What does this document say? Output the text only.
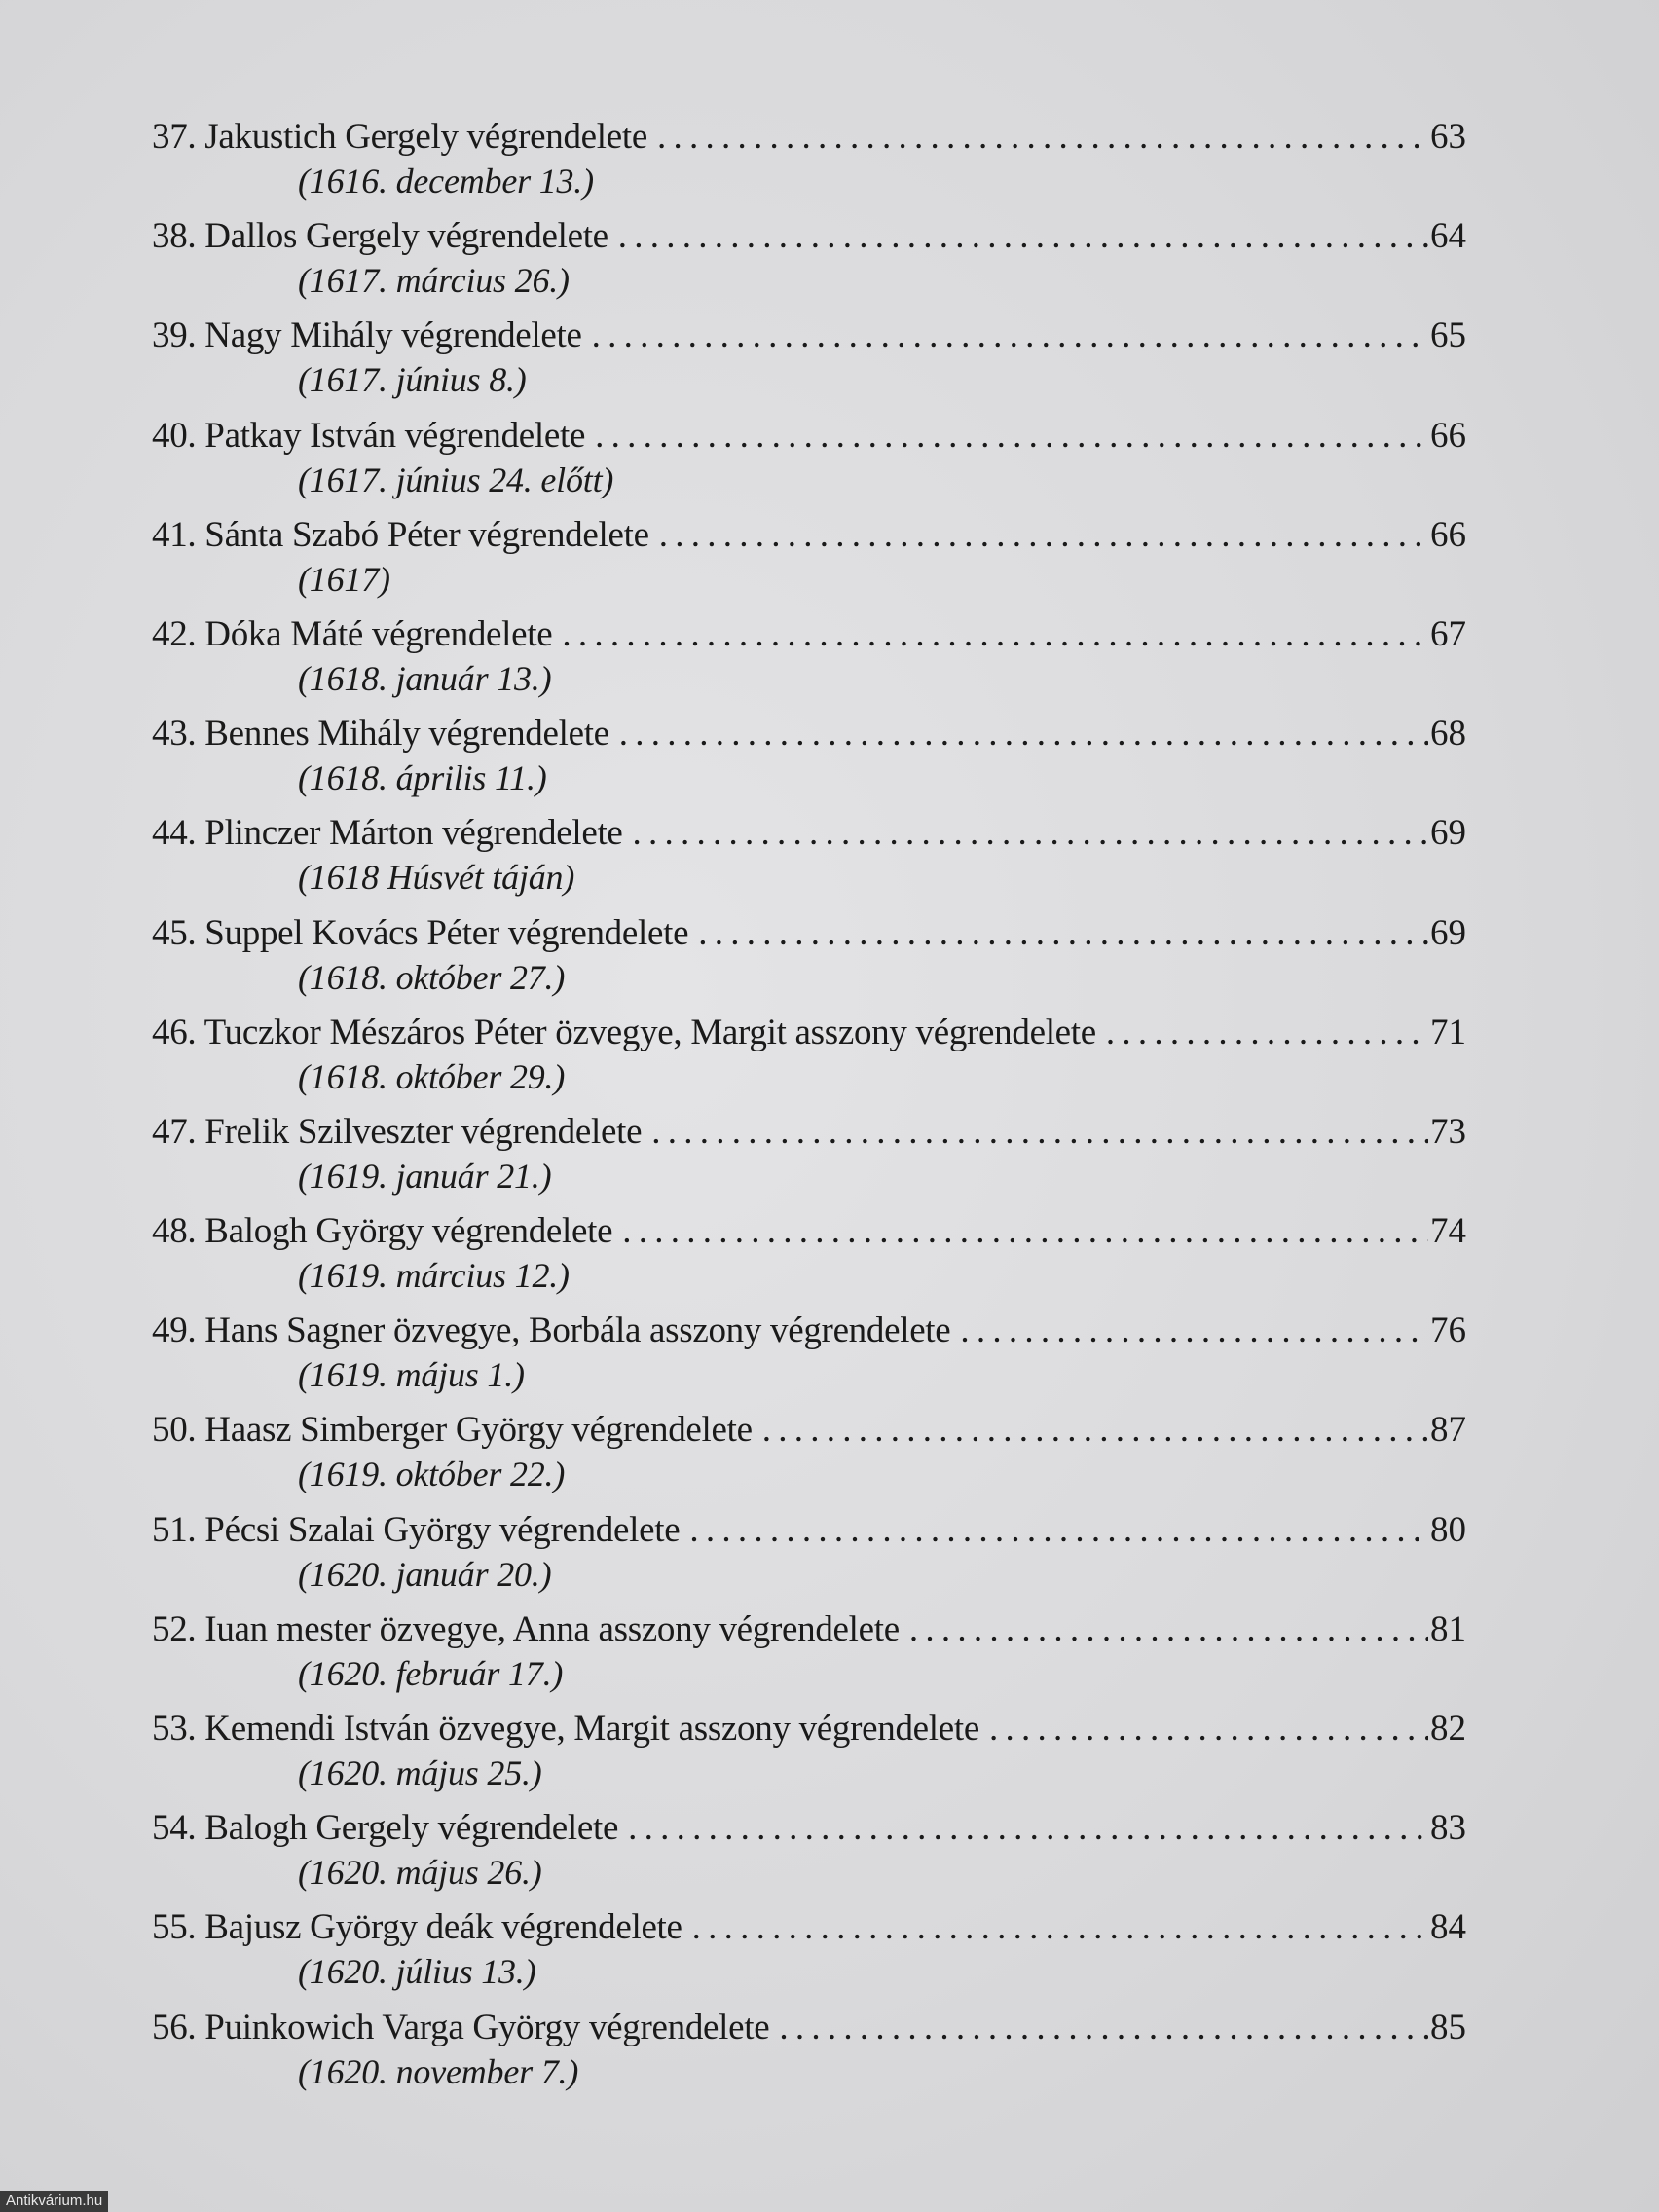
37. Jakustich Gergely végrendelete . . .	63
(1616. december 13.)
38. Dallos Gergely végrendelete . . .	64
(1617. március 26.)
39. Nagy Mihály végrendelete . . .	65
(1617. június 8.)
40. Patkay István végrendelete . . .	66
(1617. június 24. előtt)
41. Sánta Szabó Péter végrendelete . . .	66
(1617)
42. Dóka Máté végrendelete . . .	67
(1618. január 13.)
43. Bennes Mihály végrendelete . . .	68
(1618. április 11.)
44. Plinczer Márton végrendelete . . .	69
(1618 Húsvét táján)
45. Suppel Kovács Péter végrendelete . . .	69
(1618. október 27.)
46. Tuczkor Mészáros Péter özvegye, Margit asszony végrendelete . . .	71
(1618. október 29.)
47. Frelik Szilveszter végrendelete . . .	73
(1619. január 21.)
48. Balogh György végrendelete . . .	74
(1619. március 12.)
49. Hans Sagner özvegye, Borbála asszony végrendelete . . .	76
(1619. május 1.)
50. Haasz Simberger György végrendelete . . .	87
(1619. október 22.)
51. Pécsi Szalai György végrendelete . . .	80
(1620. január 20.)
52. Iuan mester özvegye, Anna asszony végrendelete . . .	81
(1620. február 17.)
53. Kemendi István özvegye, Margit asszony végrendelete . . .	82
(1620. május 25.)
54. Balogh Gergely végrendelete . . .	83
(1620. május 26.)
55. Bajusz György deák végrendelete . . .	84
(1620. július 13.)
56. Puinkowich Varga György végrendelete . . .	85
(1620. november 7.)
Antikvárium.hu
